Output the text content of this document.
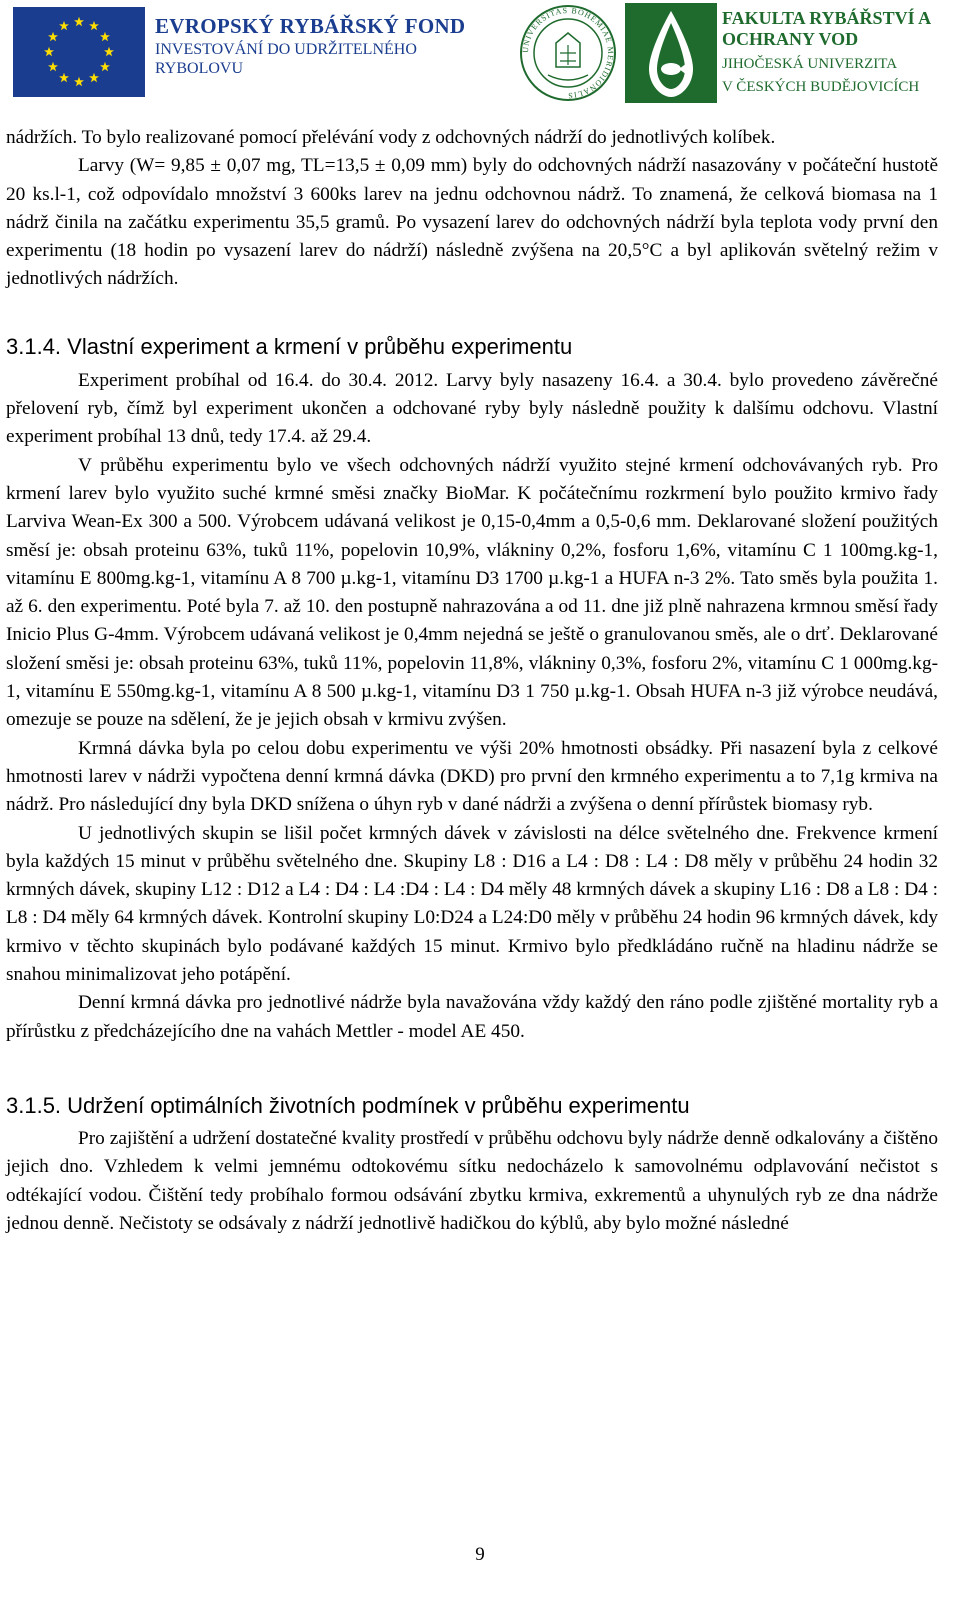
EVROPSKÝ RYBÁŘSKÝ FOND
INVESTOVÁNÍ DO UDRŽITELNÉHO
RYBOLOVU
UNIVERSITAS BOHEMIAE MERIDIONALIS
FAKULTA RYBÁŘSTVÍ A
OCHRANY VOD
JIHOČESKÁ UNIVERZITA
V ČESKÝCH BUDĚJOVICÍCH

nádržích. To bylo realizované pomocí přelévání vody z odchovných nádrží do jednotlivých kolíbek.

Larvy (W= 9,85 ± 0,07 mg, TL=13,5 ± 0,09 mm) byly do odchovných nádrží nasazovány v počáteční hustotě 20 ks.l-1, což odpovídalo množství 3 600ks larev na jednu odchovnou nádrž. To znamená, že celková biomasa na 1 nádrž činila na začátku experimentu 35,5 gramů. Po vysazení larev do odchovných nádrží byla teplota vody první den experimentu (18 hodin po vysazení larev do nádrží) následně zvýšena na 20,5°C a byl aplikován světelný režim v jednotlivých nádržích.

3.1.4. Vlastní experiment a krmení v průběhu experimentu

Experiment probíhal od 16.4. do 30.4. 2012. Larvy byly nasazeny 16.4. a 30.4. bylo provedeno závěrečné přelovení ryb, čímž byl experiment ukončen a odchované ryby byly následně použity k dalšímu odchovu. Vlastní experiment probíhal 13 dnů, tedy 17.4. až 29.4.

V průběhu experimentu bylo ve všech odchovných nádrží využito stejné krmení odchovávaných ryb. Pro krmení larev bylo využito suché krmné směsi značky BioMar. K počátečnímu rozkrmení bylo použito krmivo řady Larviva Wean-Ex 300 a 500. Výrobcem udávaná velikost je 0,15-0,4mm a 0,5-0,6 mm. Deklarované složení použitých směsí je: obsah proteinu 63%, tuků 11%, popelovin 10,9%, vlákniny 0,2%, fosforu 1,6%, vitamínu C 1 100mg.kg-1, vitamínu E 800mg.kg-1, vitamínu A 8 700 µ.kg-1, vitamínu D3 1700 µ.kg-1 a HUFA n-3 2%. Tato směs byla použita 1. až 6. den experimentu. Poté byla 7. až 10. den postupně nahrazována a od 11. dne již plně nahrazena krmnou směsí řady Inicio Plus G-4mm. Výrobcem udávaná velikost je 0,4mm nejedná se ještě o granulovanou směs, ale o drť. Deklarované složení směsi je: obsah proteinu 63%, tuků 11%, popelovin 11,8%, vlákniny 0,3%, fosforu 2%, vitamínu C 1 000mg.kg-1, vitamínu E 550mg.kg-1, vitamínu A 8 500 µ.kg-1, vitamínu D3 1 750 µ.kg-1. Obsah HUFA n-3 již výrobce neudává, omezuje se pouze na sdělení, že je jejich obsah v krmivu zvýšen.

Krmná dávka byla po celou dobu experimentu ve výši 20% hmotnosti obsádky. Při nasazení byla z celkové hmotnosti larev v nádrži vypočtena denní krmná dávka (DKD) pro první den krmného experimentu a to 7,1g krmiva na nádrž. Pro následující dny byla DKD snížena o úhyn ryb v dané nádrži a zvýšena o denní přírůstek biomasy ryb.

U jednotlivých skupin se lišil počet krmných dávek v závislosti na délce světelného dne. Frekvence krmení byla každých 15 minut v průběhu světelného dne. Skupiny L8 : D16 a L4 : D8 : L4 : D8 měly v průběhu 24 hodin 32 krmných dávek, skupiny L12 : D12 a L4 : D4 : L4 :D4 : L4 : D4 měly 48 krmných dávek a skupiny L16 : D8 a L8 : D4 : L8 : D4 měly 64 krmných dávek. Kontrolní skupiny L0:D24 a L24:D0 měly v průběhu 24 hodin 96 krmných dávek, kdy krmivo v těchto skupinách bylo podávané každých 15 minut. Krmivo bylo předkládáno ručně na hladinu nádrže se snahou minimalizovat jeho potápění.

Denní krmná dávka pro jednotlivé nádrže byla navažována vždy každý den ráno podle zjištěné mortality ryb a přírůstku z předcházejícího dne na vahách Mettler - model AE 450.

3.1.5. Udržení optimálních životních podmínek v průběhu experimentu

Pro zajištění a udržení dostatečné kvality prostředí v průběhu odchovu byly nádrže denně odkalovány a čištěno jejich dno. Vzhledem k velmi jemnému odtokovému sítku nedocházelo k samovolnému odplavování nečistot s odtékající vodou. Čištění tedy probíhalo formou odsávání zbytku krmiva, exkrementů a uhynulých ryb ze dna nádrže jednou denně. Nečistoty se odsávaly z nádrží jednotlivě hadičkou do kýblů, aby bylo možné následné

9
